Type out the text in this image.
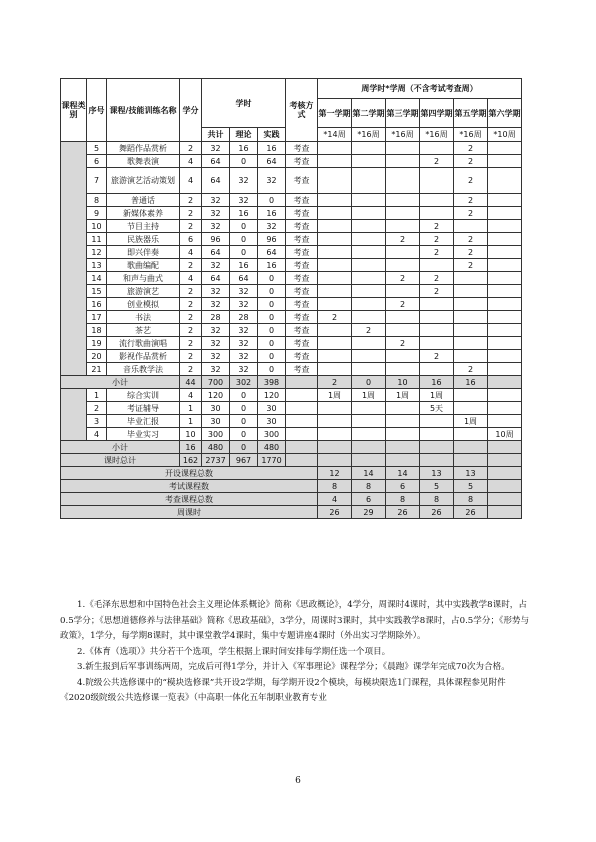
课程类别	序号	课程/技能训练名称	学分	学时			考核方式	周学时*学周（不含考试考查周）					
								第一学期	第二学期	第三学期	第四学期	第五学期	第六学期
				共计	理论	实践		*14周	*16周	*16周	*16周	*16周	*10周
	5	舞蹈作品赏析	2	32	16	16	考查					2	
	6	歌舞表演	4	64	0	64	考查				2	2	
	7	旅游演艺活动策划	4	64	32	32	考查					2	
	8	普通话	2	32	32	0	考查					2	
	9	新媒体素养	2	32	16	16	考查					2	
	10	节目主持	2	32	0	32	考查				2		
	11	民族器乐	6	96	0	96	考查			2	2	2	
	12	即兴伴奏	4	64	0	64	考查				2	2	
	13	歌曲编配	2	32	16	16	考查					2	
	14	和声与曲式	4	64	64	0	考查			2	2		
	15	旅游演艺	2	32	32	0	考查				2		
	16	创业模拟	2	32	32	0	考查			2			
	17	书法	2	28	28	0	考查	2					
	18	茶艺	2	32	32	0	考查		2				
	19	流行歌曲演唱	2	32	32	0	考查			2			
	20	影视作品赏析	2	32	32	0	考查				2		
	21	音乐教学法	2	32	32	0	考查					2	
小计			44	700	302	398		2	0	10	16	16	
	1	综合实训	4	120	0	120		1周	1周	1周	1周		
	2	考证辅导	1	30	0	30					5天		
	3	毕业汇报	1	30	0	30						1周	
	4	毕业实习	10	300	0	300							10周
小计			16	480	0	480							
课时总计			162	2737	967	1770							
开设课程总数								12	14	14	13	13	
考试课程数								8	8	6	5	5	
考查课程总数								4	6	8	8	8	
周课时								26	29	26	26	26	

1.《毛泽东思想和中国特色社会主义理论体系概论》简称《思政概论》，4学分，周课时4课时，其中实践教学8课时，占0.5学分；《思想道德修养与法律基础》简称《思政基础》，3学分，周课时3课时，其中实践教学8课时，占0.5学分；《形势与政策》，1学分，每学期8课时，其中课堂教学4课时，集中专题讲座4课时（外出实习学期除外）。

2.《体育（选项）》共分若干个选项，学生根据上课时间安排每学期任选一个项目。

3.新生报到后军事训练两周，完成后可得1学分，并计入《军事理论》课程学分；《晨跑》课学年完成70次为合格。

4.院级公共选修课中的“模块选修课”共开设2学期，每学期开设2个模块，每模块限选1门课程，具体课程参见附件《2020级院级公共选修课一览表》（中高职一体化五年制职业教育专业

6
